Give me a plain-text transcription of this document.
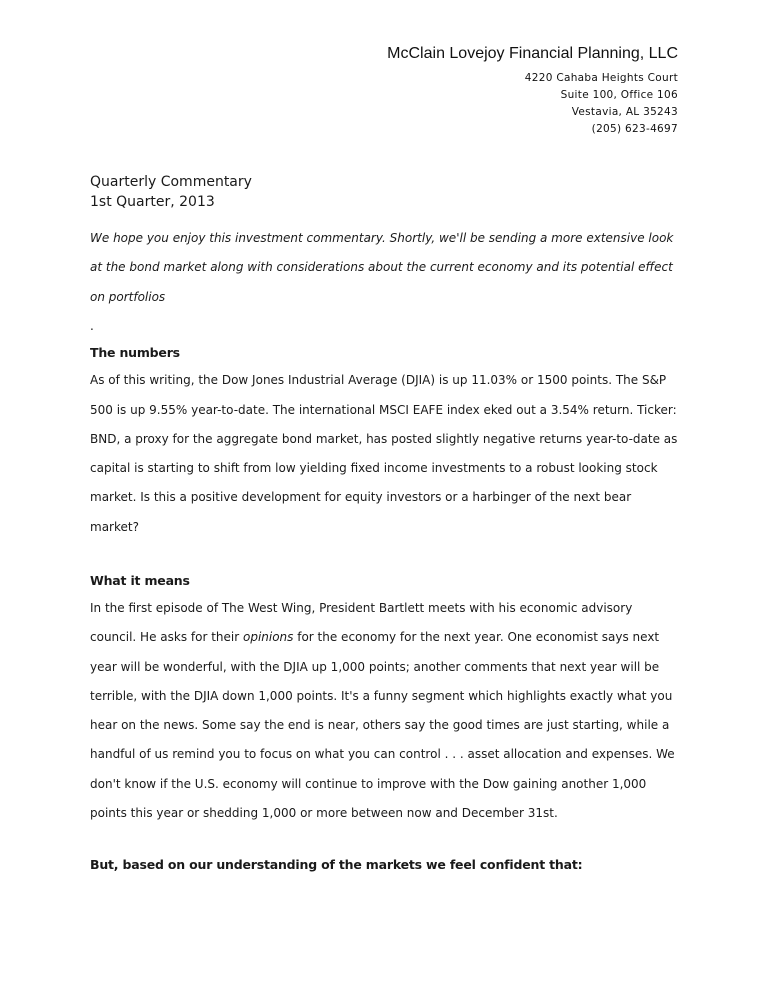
McClain Lovejoy Financial Planning, LLC
4220 Cahaba Heights Court
Suite 100, Office 106
Vestavia, AL 35243
(205) 623-4697
Quarterly Commentary
1st Quarter, 2013
We hope you enjoy this investment commentary. Shortly, we'll be sending a more extensive look at the bond market along with considerations about the current economy and its potential effect on portfolios
.
The numbers
As of this writing, the Dow Jones Industrial Average (DJIA) is up 11.03% or 1500 points. The S&P 500 is up 9.55% year-to-date. The international MSCI EAFE index eked out a 3.54% return. Ticker: BND, a proxy for the aggregate bond market, has posted slightly negative returns year-to-date as capital is starting to shift from low yielding fixed income investments to a robust looking stock market. Is this a positive development for equity investors or a harbinger of the next bear market?
What it means
In the first episode of The West Wing, President Bartlett meets with his economic advisory council. He asks for their opinions for the economy for the next year. One economist says next year will be wonderful, with the DJIA up 1,000 points; another comments that next year will be terrible, with the DJIA down 1,000 points. It's a funny segment which highlights exactly what you hear on the news. Some say the end is near, others say the good times are just starting, while a handful of us remind you to focus on what you can control . . . asset allocation and expenses. We don't know if the U.S. economy will continue to improve with the Dow gaining another 1,000 points this year or shedding 1,000 or more between now and December 31st.
But, based on our understanding of the markets we feel confident that:
